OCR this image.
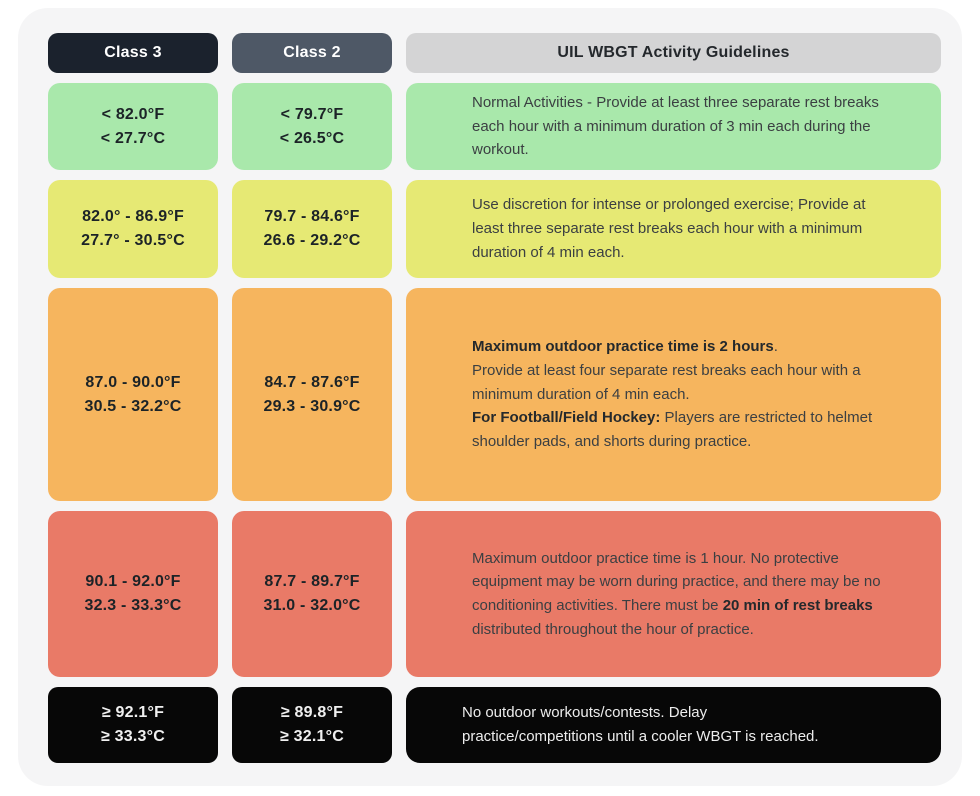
Class 3	Class 2	UIL WBGT Activity Guidelines
< 82.0°F
< 27.7°C
< 79.7°F
< 26.5°C
Normal Activities - Provide at least three separate rest breaks each hour with a minimum duration of 3 min each during the workout.
82.0° - 86.9°F
27.7° - 30.5°C
79.7 - 84.6°F
26.6 - 29.2°C
Use discretion for intense or prolonged exercise; Provide at least three separate rest breaks each hour with a minimum duration of 4 min each.
87.0 - 90.0°F
30.5 - 32.2°C
84.7 - 87.6°F
29.3 - 30.9°C
Maximum outdoor practice time is 2 hours.
Provide at least four separate rest breaks each hour with a minimum duration of 4 min each.
For Football/Field Hockey: Players are restricted to helmet shoulder pads, and shorts during practice.
90.1 - 92.0°F
32.3 - 33.3°C
87.7 - 89.7°F
31.0 - 32.0°C
Maximum outdoor practice time is 1 hour. No protective equipment may be worn during practice, and there may be no conditioning activities. There must be 20 min of rest breaks distributed throughout the hour of practice.
≥ 92.1°F
≥ 33.3°C
≥ 89.8°F
≥ 32.1°C
No outdoor workouts/contests. Delay
practice/competitions until a cooler WBGT is reached.
